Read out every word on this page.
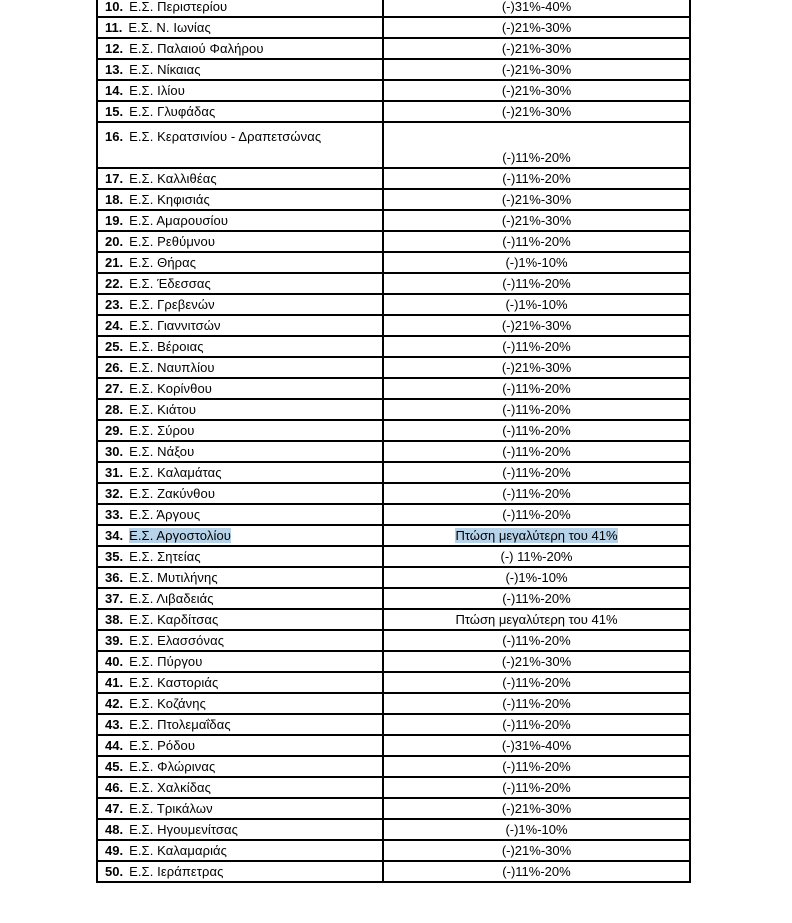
10. Ε.Σ. Περιστερίου	(-)31%-40%
11. Ε.Σ. Ν. Ιωνίας	(-)21%-30%
12. Ε.Σ. Παλαιού Φαλήρου	(-)21%-30%
13. Ε.Σ. Νίκαιας	(-)21%-30%
14. Ε.Σ. Ιλίου	(-)21%-30%
15. Ε.Σ. Γλυφάδας	(-)21%-30%
16. Ε.Σ. Κερατσινίου - Δραπετσώνας	(-)11%-20%
17. Ε.Σ. Καλλιθέας	(-)11%-20%
18. Ε.Σ. Κηφισιάς	(-)21%-30%
19. Ε.Σ. Αμαρουσίου	(-)21%-30%
20. Ε.Σ. Ρεθύμνου	(-)11%-20%
21. Ε.Σ. Θήρας	(-)1%-10%
22. Ε.Σ. Έδεσσας	(-)11%-20%
23. Ε.Σ. Γρεβενών	(-)1%-10%
24. Ε.Σ. Γιαννιτσών	(-)21%-30%
25. Ε.Σ. Βέροιας	(-)11%-20%
26. Ε.Σ. Ναυπλίου	(-)21%-30%
27. Ε.Σ. Κορίνθου	(-)11%-20%
28. Ε.Σ. Κιάτου	(-)11%-20%
29. Ε.Σ. Σύρου	(-)11%-20%
30. Ε.Σ. Νάξου	(-)11%-20%
31. Ε.Σ. Καλαμάτας	(-)11%-20%
32. Ε.Σ. Ζακύνθου	(-)11%-20%
33. Ε.Σ. Άργους	(-)11%-20%
34. Ε.Σ. Αργοστολίου	Πτώση μεγαλύτερη του 41%
35. Ε.Σ. Σητείας	(-) 11%-20%
36. Ε.Σ. Μυτιλήνης	(-)1%-10%
37. Ε.Σ. Λιβαδειάς	(-)11%-20%
38. Ε.Σ. Καρδίτσας	Πτώση μεγαλύτερη του 41%
39. Ε.Σ. Ελασσόνας	(-)11%-20%
40. Ε.Σ. Πύργου	(-)21%-30%
41. Ε.Σ. Καστοριάς	(-)11%-20%
42. Ε.Σ. Κοζάνης	(-)11%-20%
43. Ε.Σ. Πτολεμαΐδας	(-)11%-20%
44. Ε.Σ. Ρόδου	(-)31%-40%
45. Ε.Σ. Φλώρινας	(-)11%-20%
46. Ε.Σ. Χαλκίδας	(-)11%-20%
47. Ε.Σ. Τρικάλων	(-)21%-30%
48. Ε.Σ. Ηγουμενίτσας	(-)1%-10%
49. Ε.Σ. Καλαμαριάς	(-)21%-30%
50. Ε.Σ. Ιεράπετρας	(-)11%-20%
